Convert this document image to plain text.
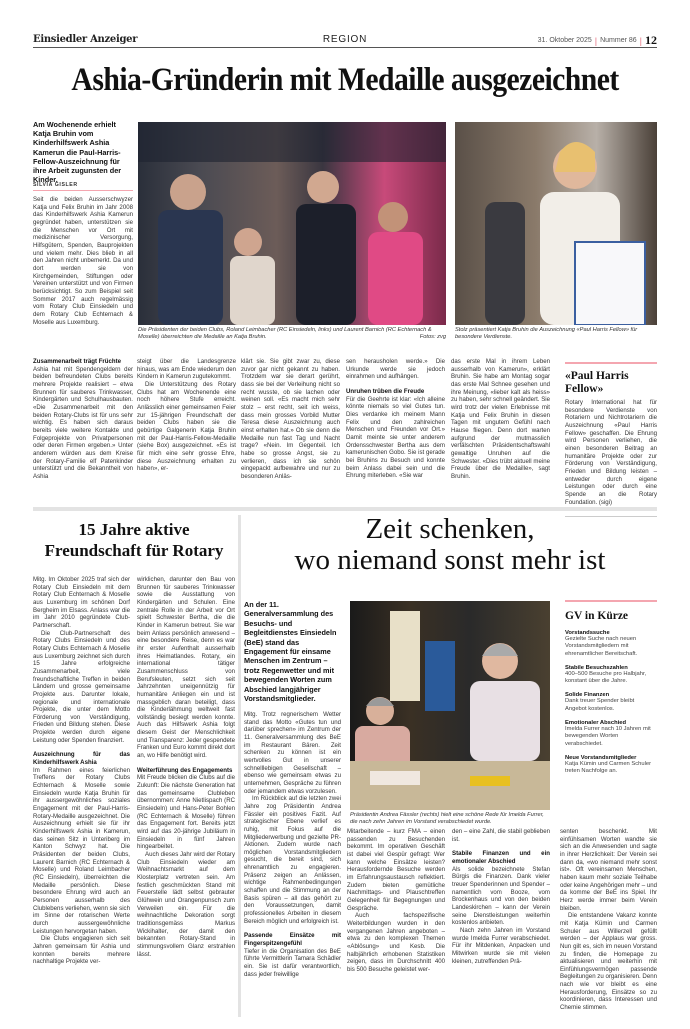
Einsiedler Anzeiger	REGION	31. Oktober 2025 | Nummer 86 | 12
Ashia-Gründerin mit Medaille ausgezeichnet
Am Wochenende erhielt Katja Bruhin vom Kinderhilfswerk Ashia Kamerun die Paul-Harris-Fellow-Auszeichnung für ihre Arbeit zugunsten der Kinder.
SILVIA GISLER

Seit die beiden Ausserschwyzer Katja und Felix Bruhin im Jahr 2008 das Kinderhilfswerk Ashia Kamerun gegründet haben, unterstützen sie die Menschen vor Ort mit medizinischer Versorgung, Hilfsgütern, Spenden, Bauprojekten und vielem mehr. Dies blieb in all den Jahren nicht unbemerkt. Da und dort werden sie von Kirchgemeinden, Stiftungen oder Vereinen unterstützt und von Firmen berücksichtigt. So zum Beispiel seit Sommer 2017 auch regelmässig vom Rotary Club Einsiedeln und dem Rotary Club Echternach & Moselle aus Luxemburg.

Die Präsidenten der beiden Clubs, Roland Leimbacher (RC Einsiedeln, links) und Laurent Barnich (RC Echternach & Moselle) überreichten die Medaille an Katja Bruhin.	Fotos: zvg
Stolz präsentiert Katja Bruhin die Auszeichnung «Paul Harris Fellow» für besondere Verdienste.
Zusammenarbeit trägt Früchte

Ashia hat mit Spendengeldern der beiden befreundeten Clubs bereits mehrere Projekte realisiert – etwa Brunnen für sauberes Trinkwasser, Kindergärten und Schulhausbauten. «Die Zusammenarbeit mit den beiden Rotary-Clubs ist für uns sehr wichtig. Es haben sich daraus bereits viele weitere Kontakte und Folgeprojekte von Privatpersonen oder deren Firmen ergeben.» Unter anderem würden aus dem Kreise der Rotary-Familie elf Patenkinder unterstützt und die Bekanntheit von Ashia

steigt über die Landesgrenze hinaus, was am Ende wiederum den Kindern in Kamerun zugutekommt.

Die Unterstützung des Rotary Clubs hat am Wochenende eine noch höhere Stufe erreicht. Anlässlich einer gemeinsamen Feier zur 15-jährigen Freundschaft der beiden Clubs haben sie die gebürtige Galgenerin Katja Bruhin mit der Paul-Harris-Fellow-Medaille (siehe Box) ausgezeichnet. «Es ist für mich eine sehr grosse Ehre, diese Auszeichnung erhalten zu haben», er-

klärt sie. Sie gibt zwar zu, diese zuvor gar nicht gekannt zu haben. Trotzdem war sie derart gerührt, dass sie bei der Verleihung nicht so recht wusste, ob sie lachen oder weinen soll. «Es macht mich sehr stolz – erst recht, seit ich weiss, dass mein grosses Vorbild Mutter Teresa diese Auszeichnung auch einst erhalten hat.» Ob sie denn die Medaille nun fast Tag und Nacht trage? «Nein. Im Gegenteil. Ich habe so grosse Angst, sie zu verlieren, dass ich sie schön eingepackt aufbewahre und nur zu besonderen Anläs-

sen herausholen werde.» Die Urkunde werde sie jedoch einrahmen und aufhängen.

Unruhen trüben die Freude

Für die Geehrte ist klar: «Ich alleine könnte niemals so viel Gutes tun. Dies verdanke ich meinem Mann Felix und den zahlreichen Menschen und Freunden vor Ort.» Damit meinte sie unter anderem Ordensschwester Bertha aus dem kamerunischen Gobo. Sie ist gerade bei Bruhins zu Besuch und konnte beim Anlass dabei sein und die Ehrung miterleben. «Sie war

das erste Mal in ihrem Leben ausserhalb von Kamerun», erklärt Bruhin. Sie habe am Montag sogar das erste Mal Schnee gesehen und ihre Meinung, «lieber kalt als heiss» zu haben, sehr schnell geändert. Sie wird trotz der vielen Erlebnisse mit Katja und Felix Bruhin in diesen Tagen mit ungutem Gefühl nach Hause fliegen. Denn dort warten aufgrund der mutmasslich verfälschten Präsidentschaftswahl gewaltige Unruhen auf die Schwester. «Dies trübt aktuell meine Freude über die Medaille», sagt Bruhin.

«Paul Harris Fellow»
Rotary International hat für besondere Verdienste von Rotariern und Nichtrotariern die Auszeichnung «Paul Harris Fellow» geschaffen. Die Ehrung wird Personen verliehen, die einen besonderen Beitrag an humanitäre Projekte oder zur Förderung von Verständigung, Frieden und Bildung leisten – entweder durch eigene Leistungen oder durch eine Spende an die Rotary Foundation. (sigi)
15 Jahre aktive
Freundschaft für Rotary

Mitg. Im Oktober 2025 traf sich der Rotary Club Einsiedeln mit dem Rotary Club Echternach & Moselle aus Luxemburg im schönen Dorf Bergheim im Elsass. Anlass war die im Jahr 2010 gegründete Club-Partnerschaft.

Die Club-Partnerschaft des Rotary Clubs Einsiedeln und des Rotary Clubs Echternach & Moselle aus Luxemburg zeichnet sich durch 15 Jahre erfolgreiche Zusammenarbeit, viele freundschaftliche Treffen in beiden Ländern und grosse gemeinsame Projekte aus. Darunter lokale, regionale und internationale Projekte, die unter dem Motto Förderung von Verständigung, Frieden und Bildung stehen. Diese Projekte werden durch eigene Leistung oder Spenden finanziert.

Auszeichnung für das Kinderhilfswerk Ashia

Im Rahmen eines feierlichen Treffens der Rotary Clubs Echternach & Moselle sowie Einsiedeln wurde Katja Bruhin für ihr aussergewöhnliches soziales Engagement mit der Paul-Harris-Rotary-Medaille ausgezeichnet. Die Auszeichnung erhielt sie für ihr Kinderhilfswerk Ashia in Kamerun, das seinen Sitz in Unteriberg im Kanton Schwyz hat. Die Präsidenten der beiden Clubs, Laurent Barnich (RC Echternach & Moselle) und Roland Leimbacher (RC Einsiedeln), überreichten die Medaille persönlich. Diese besondere Ehrung wird auch an Personen ausserhalb des Clublebens verliehen, wenn sie sich im Sinne der rotarischen Werte durch aussergewöhnliche Leistungen hervorgetan haben.

Die Clubs engagieren sich seit Jahren gemeinsam für Ashia und konnten bereits mehrere nachhaltige Projekte ver-

wirklichen, darunter den Bau von Brunnen für sauberes Trinkwasser sowie die Ausstattung von Kindergärten und Schulen. Eine zentrale Rolle in der Arbeit vor Ort spielt Schwester Bertha, die die Kinder in Kamerun betreut. Sie war beim Anlass persönlich anwesend – eine besondere Reise, denn es war ihr erster Aufenthalt ausserhalb ihres Heimatlandes. Rotary, ein international tätiger Zusammenschluss von Berufsleuten, setzt sich seit Jahrzehnten uneigennützig für humanitäre Anliegen ein und ist massgeblich daran beteiligt, dass die Kinderlähmung weltweit fast vollständig besiegt werden konnte. Auch das Hilfswerk Ashia folgt diesem Geist der Menschlichkeit und Transparenz: Jeder gespendete Franken und Euro kommt direkt dort an, wo Hilfe benötigt wird.

Weiterführung des Engagements

Mit Freude blicken die Clubs auf die Zukunft: Die nächste Generation hat das gemeinsame Clubleben übernommen: Anne Nietlispach (RC Einsiedeln) und Hans-Peter Bohlen (RC Echternach & Moselle) führen das Engagement fort. Bereits jetzt wird auf das 20-jährige Jubiläum in Einsiedeln in fünf Jahren hingearbeitet.

Auch dieses Jahr wird der Rotary Club Einsiedeln wieder am Weihnachtsmarkt auf dem Klosterplatz vertreten sein. Am festlich geschmückten Stand mit Feuerstelle lädt selbst gebrauter Glühwein und Orangenpunsch zum Verweilen ein. Für die weihnachtliche Dekoration sorgt traditionsgemäss Markus Wickihalter, der damit den bekannten Rotary-Stand in stimmungsvollem Glanz erstrahlen lässt.

Zeit schenken,
wo niemand sonst mehr ist
An der 11. Generalversammlung des Besuchs- und Begleitdienstes Einsiedeln (BeE) stand das Engagement für einsame Menschen im Zentrum – trotz Regenwetter und mit bewegenden Worten zum Abschied langjähriger Vorstandsmitglieder.
Präsidentin Andrea Fässler (rechts) hielt eine schöne Rede für Imelda Furrer, die nach zehn Jahren im Vorstand verabschiedet wurde.

Mitg. Trotz regnerischem Wetter stand das Motto «Gutes tun und darüber sprechen» im Zentrum der 11. Generalversammlung des BeE im Restaurant Bären. Zeit schenken zu können ist ein wertvolles Gut in unserer schnelllebigen Gesellschaft – ebenso wie gemeinsam etwas zu unternehmen, Gespräche zu führen oder jemandem etwas vorzulesen.

Im Rückblick auf die letzten zwei Jahre zog Präsidentin Andrea Fässler ein positives Fazit. Auf strategischer Ebene verlief es ruhig, mit Fokus auf die Mitgliederwerbung und gezielte PR-Aktionen. Zudem wurde nach möglichen Vorstandsmitgliedern gesucht, die bereit sind, sich ehrenamtlich zu engagieren. Präsenz zeigen an Anlässen, wichtige Rahmenbedingungen schaffen und die Stimmung an der Basis spüren – all das gehört zu den Voraussetzungen, damit professionelles Arbeiten in diesem Bereich möglich und erfolgreich ist.

Passende Einsätze mit Fingerspitzengefühl

Tiefer in die Organisation des BeE führte Vermittlerin Tamara Schädler ein. Sie ist dafür verantwortlich, dass jeder freiwillige

Mitarbeitende – kurz FMA – einen passenden zu Besuchenden bekommt. Im operativen Geschäft ist dabei viel Gespür gefragt: Wer kann welche Einsätze leisten? Herausfordernde Besuche werden im Erfahrungsaustausch reflektiert. Zudem bieten gemütliche Nachmittags- und Plauschtreffen Gelegenheit für Begegnungen und Gespräche.

Auch fachspezifische Weiterbildungen wurden in den vergangenen Jahren angeboten – etwa zu den komplexen Themen «Ablösung» und Kesb. Die halbjährlich erhobenen Statistiken zeigen, dass im Durchschnitt 400 bis 500 Besuche geleistet wer-

den – eine Zahl, die stabil geblieben ist.

Stabile Finanzen und ein emotionaler Abschied

Als solide bezeichnete Stefan Bürgis die Finanzen. Dank vieler treuer Spenderinnen und Spender – namentlich vom Booze, vom Brockenhaus und von den beiden Landeskirchen – kann der Verein seine Dienstleistungen weiterhin kostenlos anbieten.

Nach zehn Jahren im Vorstand wurde Imelda Furrer verabschiedet. Für ihr Mitdenken, Anpacken und Mitwirken wurde sie mit vielen kleinen, zutreffenden Prä-

senten beschenkt. Mit einfühlsamen Worten wandte sie sich an die Anwesenden und sagte in ihrer Herzlichkeit: Der Verein sei dann da, «wo niemand mehr sonst ist». Oft vereinsamen Menschen, haben kaum mehr soziale Teilhabe oder keine Angehörigen mehr – und da komme der BeE ins Spiel. Ihr Herz werde immer beim Verein bleiben.

Die entstandene Vakanz konnte mit Katja Kümin und Carmen Schuler aus Willerzell gefüllt werden – der Applaus war gross. Nun gilt es, sich im neuen Vorstand zu finden, die Homepage zu aktualisieren und weiterhin mit Einfühlungsvermögen passende Begleitungen zu organisieren. Denn nach wie vor bleibt es eine Herausforderung, Einsätze so zu koordinieren, dass Interessen und Chemie stimmen.

GV in Kürze
Vorstandssuche
Gezielte Suche nach neuen Vorstandsmitgliedern mit ehrenamtlicher Bereitschaft.
Stabile Besuchszahlen
400–500 Besuche pro Halbjahr, konstant über die Jahre.
Solide Finanzen
Dank treuer Spender bleibt Angebot kostenlos.
Emotionaler Abschied
Imelda Furrer nach 10 Jahren mit bewegenden Worten verabschiedet.
Neue Vorstandsmitglieder
Katja Kümin und Carmen Schuler treten Nachfolge an.
